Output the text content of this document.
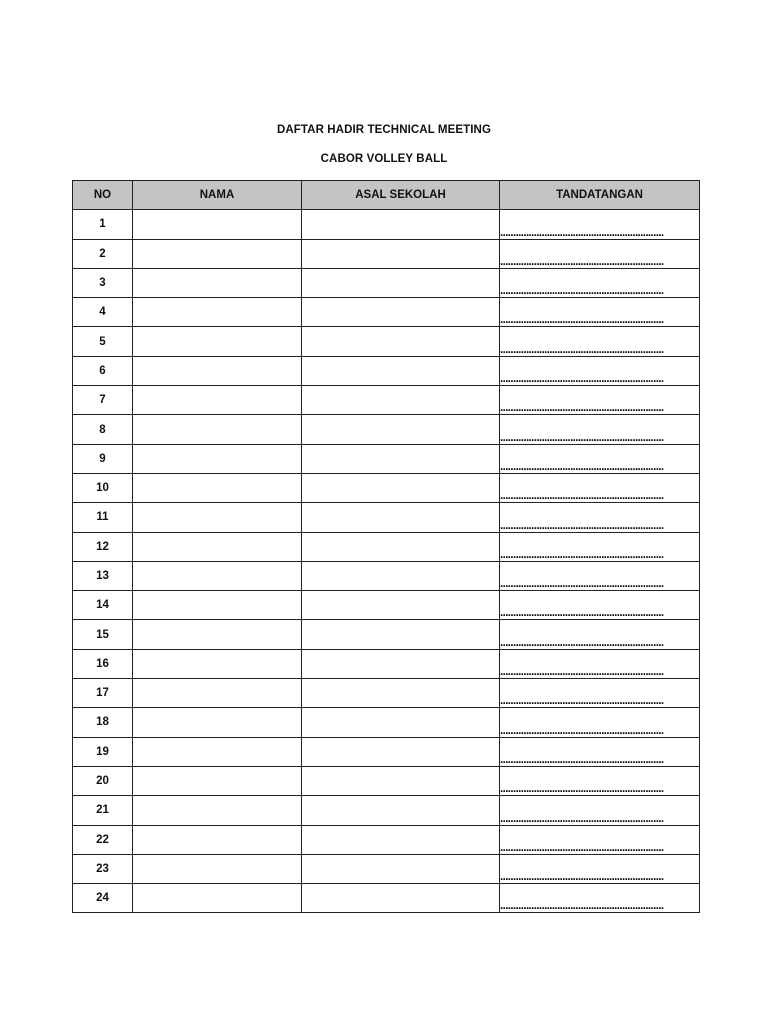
DAFTAR HADIR TECHNICAL MEETING
CABOR VOLLEY BALL
NO	NAMA	ASAL SEKOLAH	TANDATANGAN
1			...............................................................
2			...............................................................
3			...............................................................
4			...............................................................
5			...............................................................
6			...............................................................
7			...............................................................
8			...............................................................
9			...............................................................
10			...............................................................
11			...............................................................
12			...............................................................
13			...............................................................
14			...............................................................
15			...............................................................
16			...............................................................
17			...............................................................
18			...............................................................
19			...............................................................
20			...............................................................
21			...............................................................
22			...............................................................
23			...............................................................
24			...............................................................
